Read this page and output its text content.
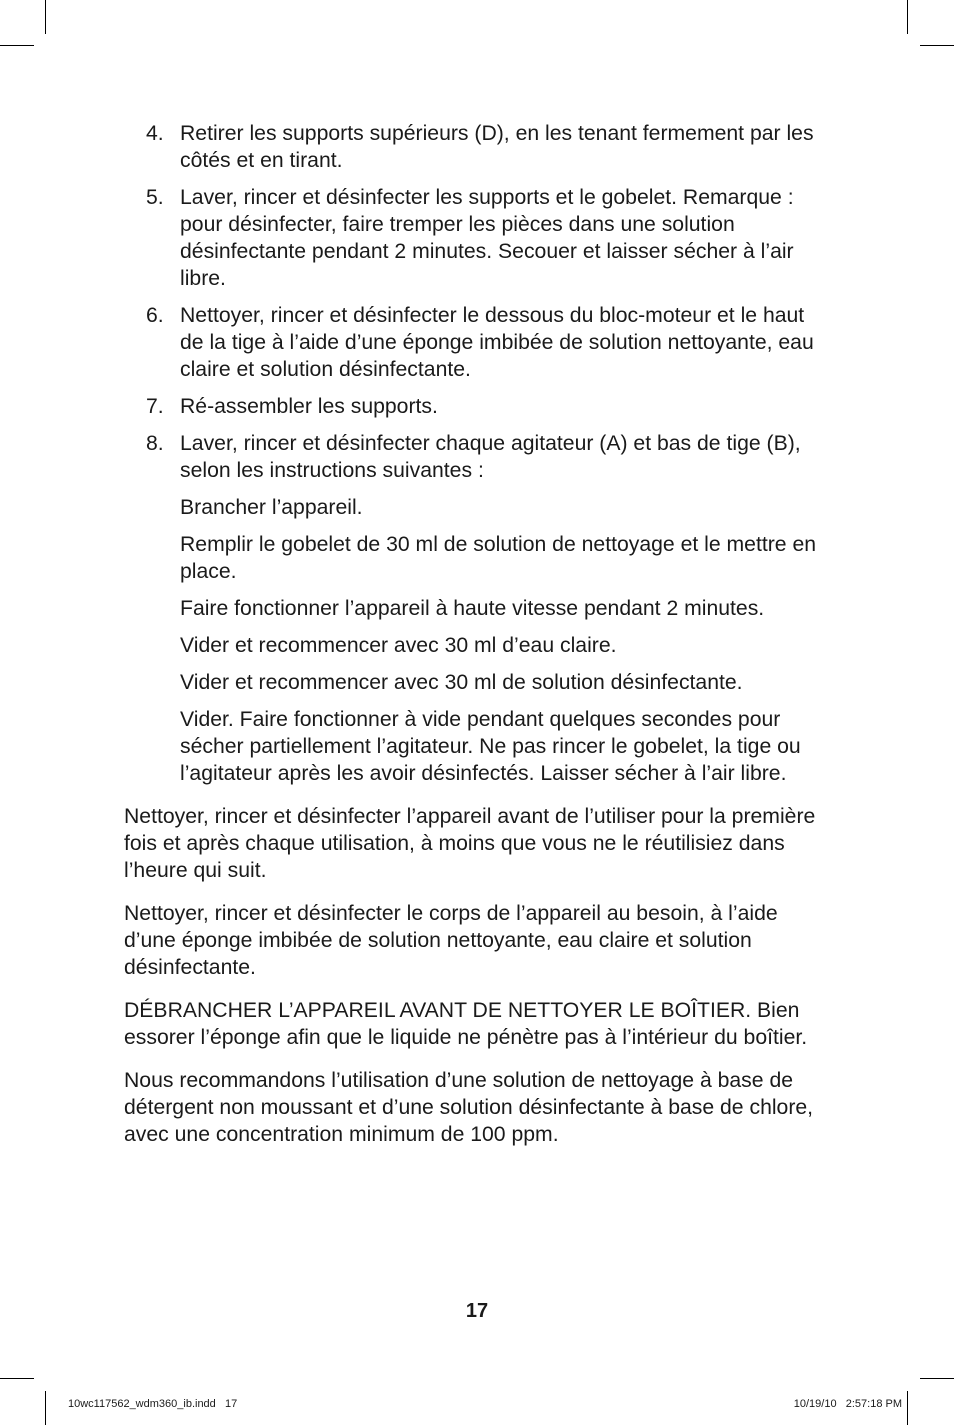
4. Retirer les supports supérieurs (D), en les tenant fermement par les côtés et en tirant.

5. Laver, rincer et désinfecter les supports et le gobelet. Remarque : pour désinfecter, faire tremper les pièces dans une solution désinfectante pendant 2 minutes. Secouer et laisser sécher à l’air libre.

6. Nettoyer, rincer et désinfecter le dessous du bloc-moteur et le haut de la tige à l’aide d’une éponge imbibée de solution nettoyante, eau claire et solution désinfectante.

7. Ré-assembler les supports.

8. Laver, rincer et désinfecter chaque agitateur (A) et bas de tige (B), selon les instructions suivantes :

Brancher l’appareil.

Remplir le gobelet de 30 ml de solution de nettoyage et le mettre en place.

Faire fonctionner l’appareil à haute vitesse pendant 2 minutes.

Vider et recommencer avec 30 ml d’eau claire.

Vider et recommencer avec 30 ml de solution désinfectante.

Vider. Faire fonctionner à vide pendant quelques secondes pour sécher partiellement l’agitateur. Ne pas rincer le gobelet, la tige ou l’agitateur après les avoir désinfectés. Laisser sécher à l’air libre.

Nettoyer, rincer et désinfecter l’appareil avant de l’utiliser pour la première fois et après chaque utilisation, à moins que vous ne le réutilisiez dans l’heure qui suit.

Nettoyer, rincer et désinfecter le corps de l’appareil au besoin, à l’aide d’une éponge imbibée de solution nettoyante, eau claire et solution désinfectante.

DÉBRANCHER L’APPAREIL AVANT DE NETTOYER LE BOÎTIER. Bien essorer l’éponge afin que le liquide ne pénètre pas à l’intérieur du boîtier.

Nous recommandons l’utilisation d’une solution de nettoyage à base de détergent non moussant et d’une solution désinfectante à base de chlore, avec une concentration minimum de 100 ppm.

17
10wc117562_wdm360_ib.indd   17	10/19/10   2:57:18 PM
